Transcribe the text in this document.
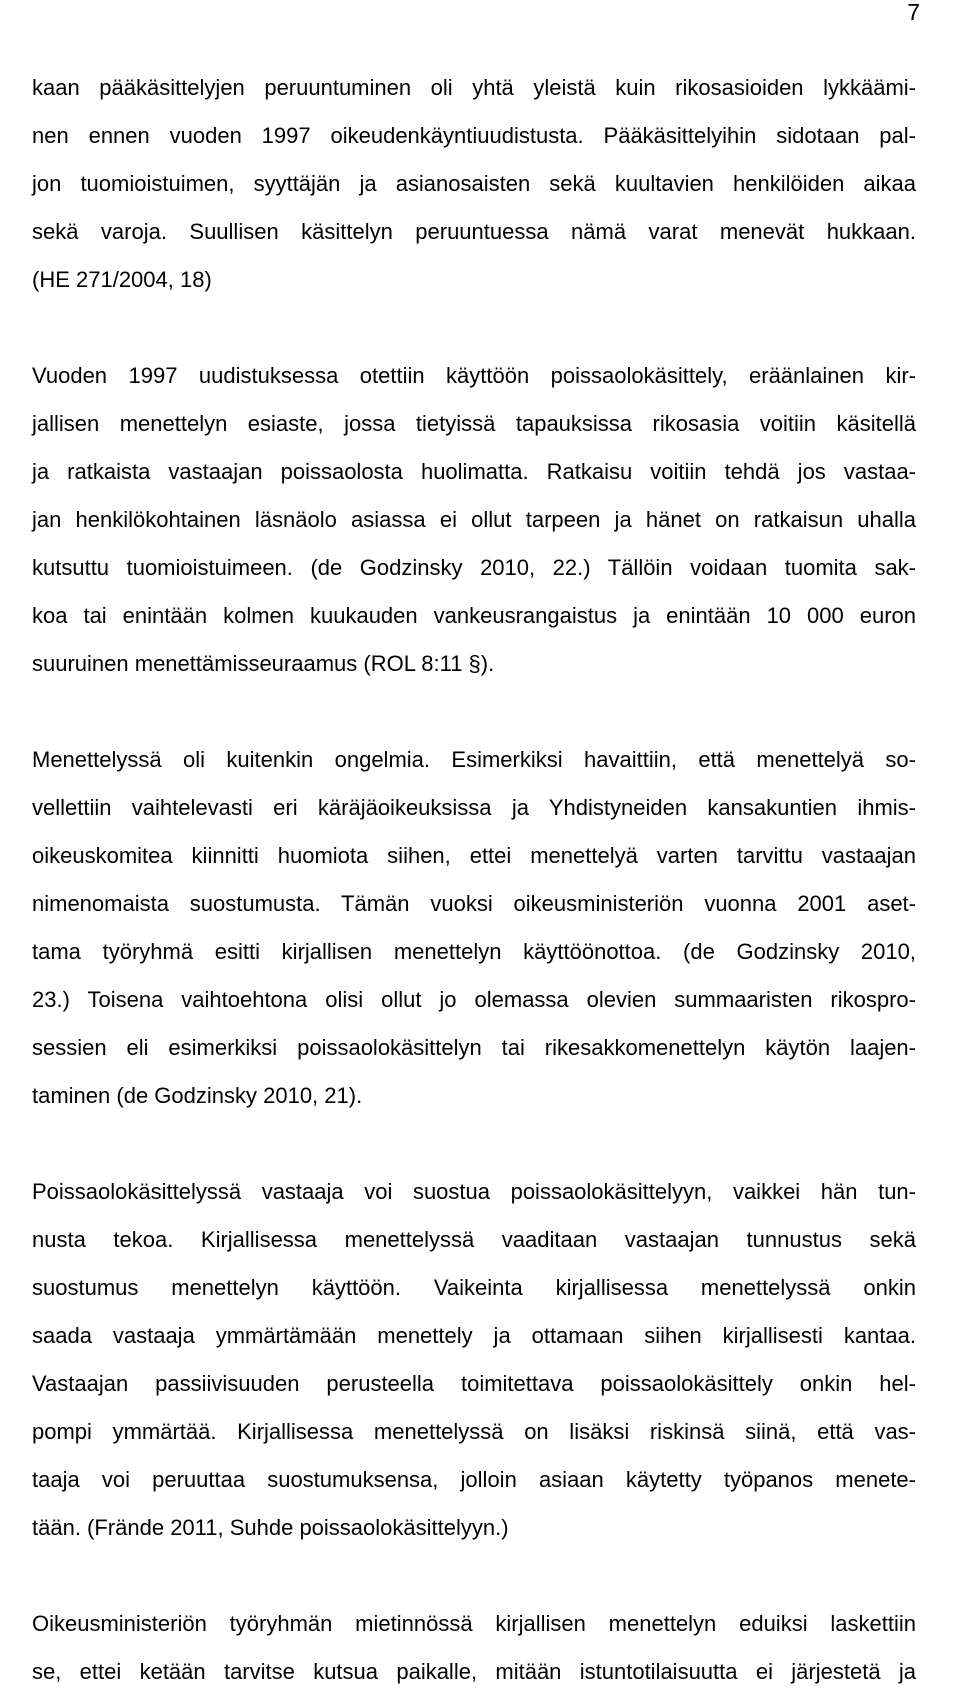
7
kaan pääkäsittelyjen peruuntuminen oli yhtä yleistä kuin rikosasioiden lykkäämi-
nen ennen vuoden 1997 oikeudenkäyntiuudistusta. Pääkäsittelyihin sidotaan pal-
jon tuomioistuimen, syyttäjän ja asianosaisten sekä kuultavien henkilöiden aikaa
sekä varoja. Suullisen käsittelyn peruuntuessa nämä varat menevät hukkaan.
(HE 271/2004, 18)
Vuoden 1997 uudistuksessa otettiin käyttöön poissaolokäsittely, eräänlainen kir-
jallisen menettelyn esiaste, jossa tietyissä tapauksissa rikosasia voitiin käsitellä
ja ratkaista vastaajan poissaolosta huolimatta. Ratkaisu voitiin tehdä jos vastaa-
jan henkilökohtainen läsnäolo asiassa ei ollut tarpeen ja hänet on ratkaisun uhalla
kutsuttu tuomioistuimeen. (de Godzinsky 2010, 22.) Tällöin voidaan tuomita sak-
koa tai enintään kolmen kuukauden vankeusrangaistus ja enintään 10 000 euron
suuruinen menettämisseuraamus (ROL 8:11 §).
Menettelyssä oli kuitenkin ongelmia. Esimerkiksi havaittiin, että menettelyä so-
vellettiin vaihtelevasti eri käräjäoikeuksissa ja Yhdistyneiden kansakuntien ihmis-
oikeuskomitea kiinnitti huomiota siihen, ettei menettelyä varten tarvittu vastaajan
nimenomaista suostumusta. Tämän vuoksi oikeusministeriön vuonna 2001 aset-
tama työryhmä esitti kirjallisen menettelyn käyttöönottoa. (de Godzinsky 2010,
23.) Toisena vaihtoehtona olisi ollut jo olemassa olevien summaaristen rikospro-
sessien eli esimerkiksi poissaolokäsittelyn tai rikesakkomenettelyn käytön laajen-
taminen (de Godzinsky 2010, 21).
Poissaolokäsittelyssä vastaaja voi suostua poissaolokäsittelyyn, vaikkei hän tun-
nusta tekoa. Kirjallisessa menettelyssä vaaditaan vastaajan tunnustus sekä
suostumus menettelyn käyttöön. Vaikeinta kirjallisessa menettelyssä onkin
saada vastaaja ymmärtämään menettely ja ottamaan siihen kirjallisesti kantaa.
Vastaajan passiivisuuden perusteella toimitettava poissaolokäsittely onkin hel-
pompi ymmärtää. Kirjallisessa menettelyssä on lisäksi riskinsä siinä, että vas-
taaja voi peruuttaa suostumuksensa, jolloin asiaan käytetty työpanos menete-
tään. (Frände 2011, Suhde poissaolokäsittelyyn.)
Oikeusministeriön työryhmän mietinnössä kirjallisen menettelyn eduiksi laskettiin
se, ettei ketään tarvitse kutsua paikalle, mitään istuntotilaisuutta ei järjestetä ja
